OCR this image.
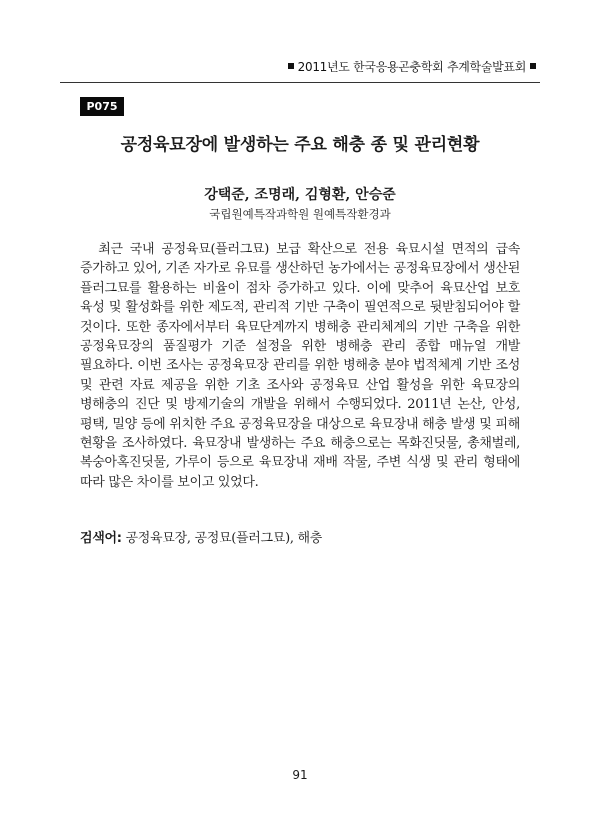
2011년도 한국응용곤충학회 추계학술발표회
P075
공정육묘장에 발생하는 주요 해충 종 및 관리현황
강택준, 조명래, 김형환, 안승준
국립원예특작과학원 원예특작환경과

최근 국내 공정육묘(플러그묘) 보급 확산으로 전용 육묘시설 면적의 급속 증가하고 있어, 기존 자가로 유묘를 생산하던 농가에서는 공정육묘장에서 생산된 플러그묘를 활용하는 비율이 점차 증가하고 있다. 이에 맞추어 육묘산업 보호 육성 및 활성화를 위한 제도적, 관리적 기반 구축이 필연적으로 뒷받침되어야 할 것이다. 또한 종자에서부터 육묘단계까지 병해충 관리체계의 기반 구축을 위한 공정육묘장의 품질평가 기준 설정을 위한 병해충 관리 종합 매뉴얼 개발 필요하다. 이번 조사는 공정육묘장 관리를 위한 병해충 분야 법적체계 기반 조성 및 관련 자료 제공을 위한 기초 조사와 공정육묘 산업 활성을 위한 육묘장의 병해충의 진단 및 방제기술의 개발을 위해서 수행되었다. 2011년 논산, 안성, 평택, 밀양 등에 위치한 주요 공정육묘장을 대상으로 육묘장내 해충 발생 및 피해 현황을 조사하였다. 육묘장내 발생하는 주요 해충으로는 목화진딧물, 총채벌레, 복숭아혹진딧물, 가루이 등으로 육묘장내 재배 작물, 주변 식생 및 관리 형태에 따라 많은 차이를 보이고 있었다.

검색어: 공정육묘장, 공정묘(플러그묘), 해충
91
